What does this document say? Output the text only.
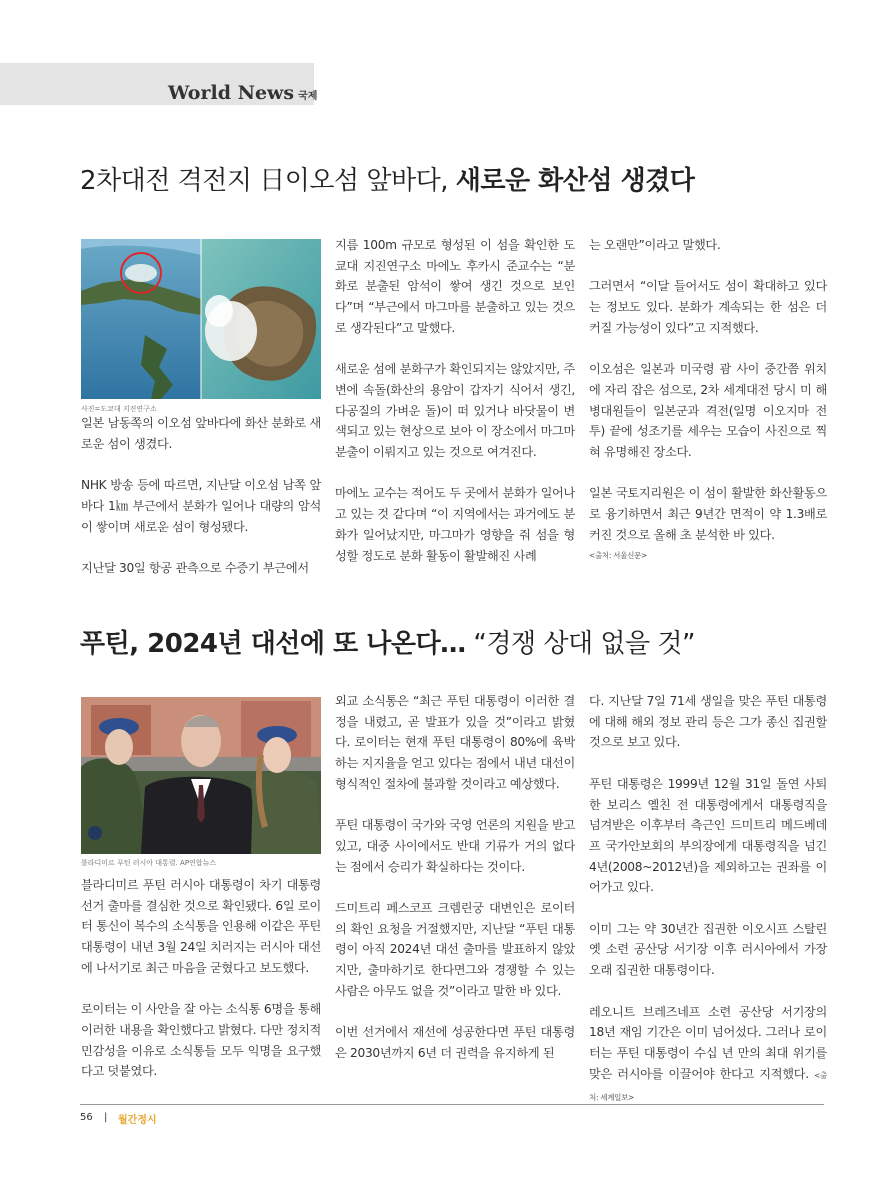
World News 국제
2차대전 격전지 日이오섬 앞바다, 새로운 화산섬 생겼다
사진=도쿄대 지진연구소

일본 남동쪽의 이오섬 앞바다에 화산 분화로 새로운 섬이 생겼다.

NHK 방송 등에 따르면, 지난달 이오섬 남쪽 앞바다 1㎞ 부근에서 분화가 일어나 대량의 암석이 쌓이며 새로운 섬이 형성됐다.

지난달 30일 항공 관측으로 수증기 부근에서

지름 100m 규모로 형성된 이 섬을 확인한 도쿄대 지진연구소 마에노 후카시 준교수는 “분화로 분출된 암석이 쌓여 생긴 것으로 보인다”며 “부근에서 마그마를 분출하고 있는 것으로 생각된다”고 말했다.

새로운 섬에 분화구가 확인되지는 않았지만, 주변에 속돌(화산의 용암이 갑자기 식어서 생긴, 다공질의 가벼운 돌)이 떠 있거나 바닷물이 변색되고 있는 현상으로 보아 이 장소에서 마그마 분출이 이뤄지고 있는 것으로 여겨진다.

마에노 교수는 적어도 두 곳에서 분화가 일어나고 있는 것 같다며 “이 지역에서는 과거에도 분화가 일어났지만, 마그마가 영향을 줘 섬을 형성할 정도로 분화 활동이 활발해진 사례

는 오랜만”이라고 말했다.

그러면서 “이달 들어서도 섬이 확대하고 있다는 정보도 있다. 분화가 계속되는 한 섬은 더 커질 가능성이 있다”고 지적했다.

이오섬은 일본과 미국령 괌 사이 중간쯤 위치에 자리 잡은 섬으로, 2차 세계대전 당시 미 해병대원들이 일본군과 격전(일명 이오지마 전투) 끝에 성조기를 세우는 모습이 사진으로 찍혀 유명해진 장소다.

일본 국토지리원은 이 섬이 활발한 화산활동으로 융기하면서 최근 9년간 면적이 약 1.3배로 커진 것으로 올해 초 분석한 바 있다.

<출처: 서울신문>
푸틴, 2024년 대선에 또 나온다… “경쟁 상대 없을 것”
블라디미르 푸틴 러시아 대통령. AP연합뉴스

블라디미르 푸틴 러시아 대통령이 차기 대통령 선거 출마를 결심한 것으로 확인됐다. 6일 로이터 통신이 복수의 소식통을 인용해 이같은 푸틴 대통령이 내년 3월 24일 치러지는 러시아 대선에 나서기로 최근 마음을 굳혔다고 보도했다.

로이터는 이 사안을 잘 아는 소식통 6명을 통해 이러한 내용을 확인했다고 밝혔다. 다만 정치적 민감성을 이유로 소식통들 모두 익명을 요구했다고 덧붙였다.

외교 소식통은 “최근 푸틴 대통령이 이러한 결정을 내렸고, 곧 발표가 있을 것”이라고 밝혔다. 로이터는 현재 푸틴 대통령이 80%에 육박하는 지지율을 얻고 있다는 점에서 내년 대선이 형식적인 절차에 불과할 것이라고 예상했다.

푸틴 대통령이 국가와 국영 언론의 지원을 받고 있고, 대중 사이에서도 반대 기류가 거의 없다는 점에서 승리가 확실하다는 것이다.

드미트리 페스코프 크렘린궁 대변인은 로이터의 확인 요청을 거절했지만, 지난달 “푸틴 대통령이 아직 2024년 대선 출마를 발표하지 않았지만, 출마하기로 한다면그와 경쟁할 수 있는 사람은 아무도 없을 것”이라고 말한 바 있다.

이번 선거에서 재선에 성공한다면 푸틴 대통령은 2030년까지 6년 더 권력을 유지하게 된

다. 지난달 7일 71세 생일을 맞은 푸틴 대통령에 대해 해외 정보 관리 등은 그가 종신 집권할 것으로 보고 있다.

푸틴 대통령은 1999년 12월 31일 돌연 사퇴한 보리스 옐친 전 대통령에게서 대통령직을 넘겨받은 이후부터 측근인 드미트리 메드베데프 국가안보회의 부의장에게 대통령직을 넘긴 4년(2008~2012년)을 제외하고는 권좌를 이어가고 있다.

이미 그는 약 30년간 집권한 이오시프 스탈린 옛 소련 공산당 서기장 이후 러시아에서 가장 오래 집권한 대통령이다.

레오니트 브레즈네프 소련 공산당 서기장의 18년 재임 기간은 이미 넘어섰다. 그러나 로이터는 푸틴 대통령이 수십 년 만의 최대 위기를 맞은 러시아를 이끌어야 한다고 지적했다. <출처: 세계일보>

56 | 월간정시
